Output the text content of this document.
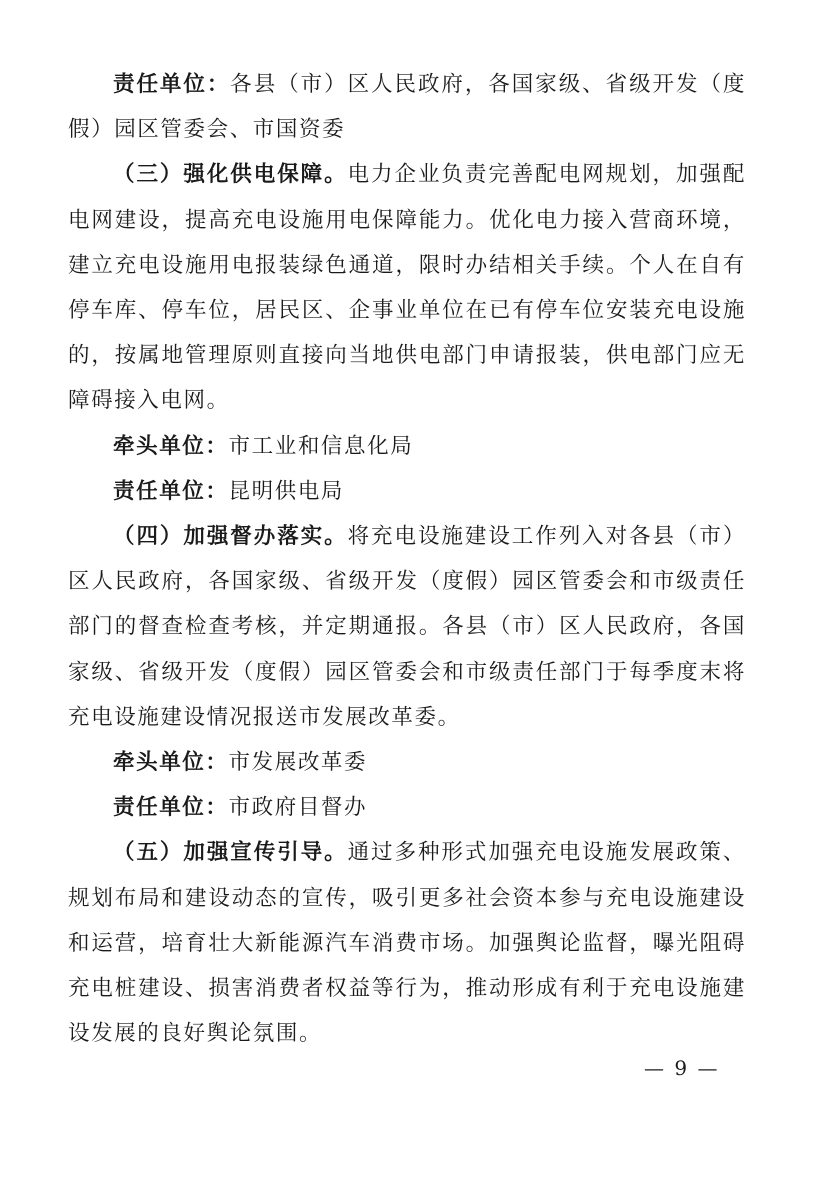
责任单位：各县（市）区人民政府，各国家级、省级开发（度假）园区管委会、市国资委

（三）强化供电保障。电力企业负责完善配电网规划，加强配电网建设，提高充电设施用电保障能力。优化电力接入营商环境，建立充电设施用电报装绿色通道，限时办结相关手续。个人在自有停车库、停车位，居民区、企事业单位在已有停车位安装充电设施的，按属地管理原则直接向当地供电部门申请报装，供电部门应无障碍接入电网。

牵头单位：市工业和信息化局

责任单位：昆明供电局

（四）加强督办落实。将充电设施建设工作列入对各县（市）区人民政府，各国家级、省级开发（度假）园区管委会和市级责任部门的督查检查考核，并定期通报。各县（市）区人民政府，各国家级、省级开发（度假）园区管委会和市级责任部门于每季度末将充电设施建设情况报送市发展改革委。

牵头单位：市发展改革委

责任单位：市政府目督办

（五）加强宣传引导。通过多种形式加强充电设施发展政策、规划布局和建设动态的宣传，吸引更多社会资本参与充电设施建设和运营，培育壮大新能源汽车消费市场。加强舆论监督，曝光阻碍充电桩建设、损害消费者权益等行为，推动形成有利于充电设施建设发展的良好舆论氛围。

— 9 —
